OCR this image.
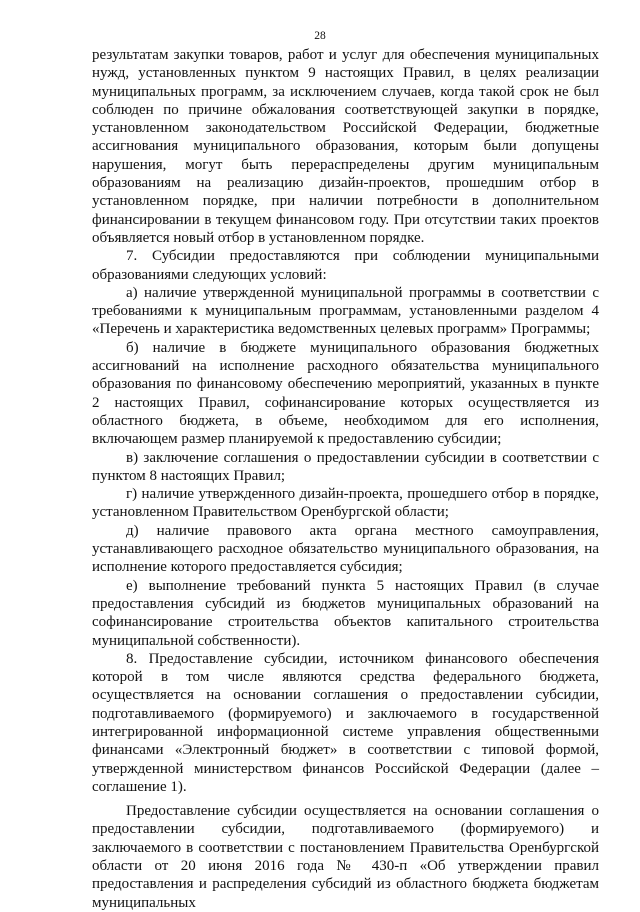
28

результатам закупки товаров, работ и услуг для обеспечения муниципальных нужд, установленных пунктом 9 настоящих Правил, в целях реализации муниципальных программ, за исключением случаев, когда такой срок не был соблюден по причине обжалования соответствующей закупки в порядке, установленном законодательством Российской Федерации, бюджетные ассигнования муниципального образования, которым были допущены нарушения, могут быть перераспределены другим муниципальным образованиям на реализацию дизайн-проектов, прошедшим отбор в установленном порядке, при наличии потребности в дополнительном финансировании в текущем финансовом году. При отсутствии таких проектов объявляется новый отбор в установленном порядке.

7. Субсидии предоставляются при соблюдении муниципальными образованиями следующих условий:

а) наличие утвержденной муниципальной программы в соответствии с требованиями к муниципальным программам, установленными разделом 4 «Перечень и характеристика ведомственных целевых программ» Программы;

б) наличие в бюджете муниципального образования бюджетных ассигнований на исполнение расходного обязательства муниципального образования по финансовому обеспечению мероприятий, указанных в пункте 2 настоящих Правил, софинансирование которых осуществляется из областного бюджета, в объеме, необходимом для его исполнения, включающем размер планируемой к предоставлению субсидии;

в) заключение соглашения о предоставлении субсидии в соответствии с пунктом 8 настоящих Правил;

г) наличие утвержденного дизайн-проекта, прошедшего отбор в порядке, установленном Правительством Оренбургской области;

д) наличие правового акта органа местного самоуправления, устанавливающего расходное обязательство муниципального образования, на исполнение которого предоставляется субсидия;

е) выполнение требований пункта 5 настоящих Правил (в случае предоставления субсидий из бюджетов муниципальных образований на софинансирование строительства объектов капитального строительства муниципальной собственности).

8. Предоставление субсидии, источником финансового обеспечения которой в том числе являются средства федерального бюджета, осуществляется на основании соглашения о предоставлении субсидии, подготавливаемого (формируемого) и заключаемого в государственной интегрированной информационной системе управления общественными финансами «Электронный бюджет» в соответствии с типовой формой, утвержденной министерством финансов Российской Федерации (далее – соглашение 1).

Предоставление субсидии осуществляется на основании соглашения о предоставлении субсидии, подготавливаемого (формируемого) и заключаемого в соответствии с постановлением Правительства Оренбургской области от 20 июня 2016 года № 430-п «Об утверждении правил предоставления и распределения субсидий из областного бюджета бюджетам муниципальных
